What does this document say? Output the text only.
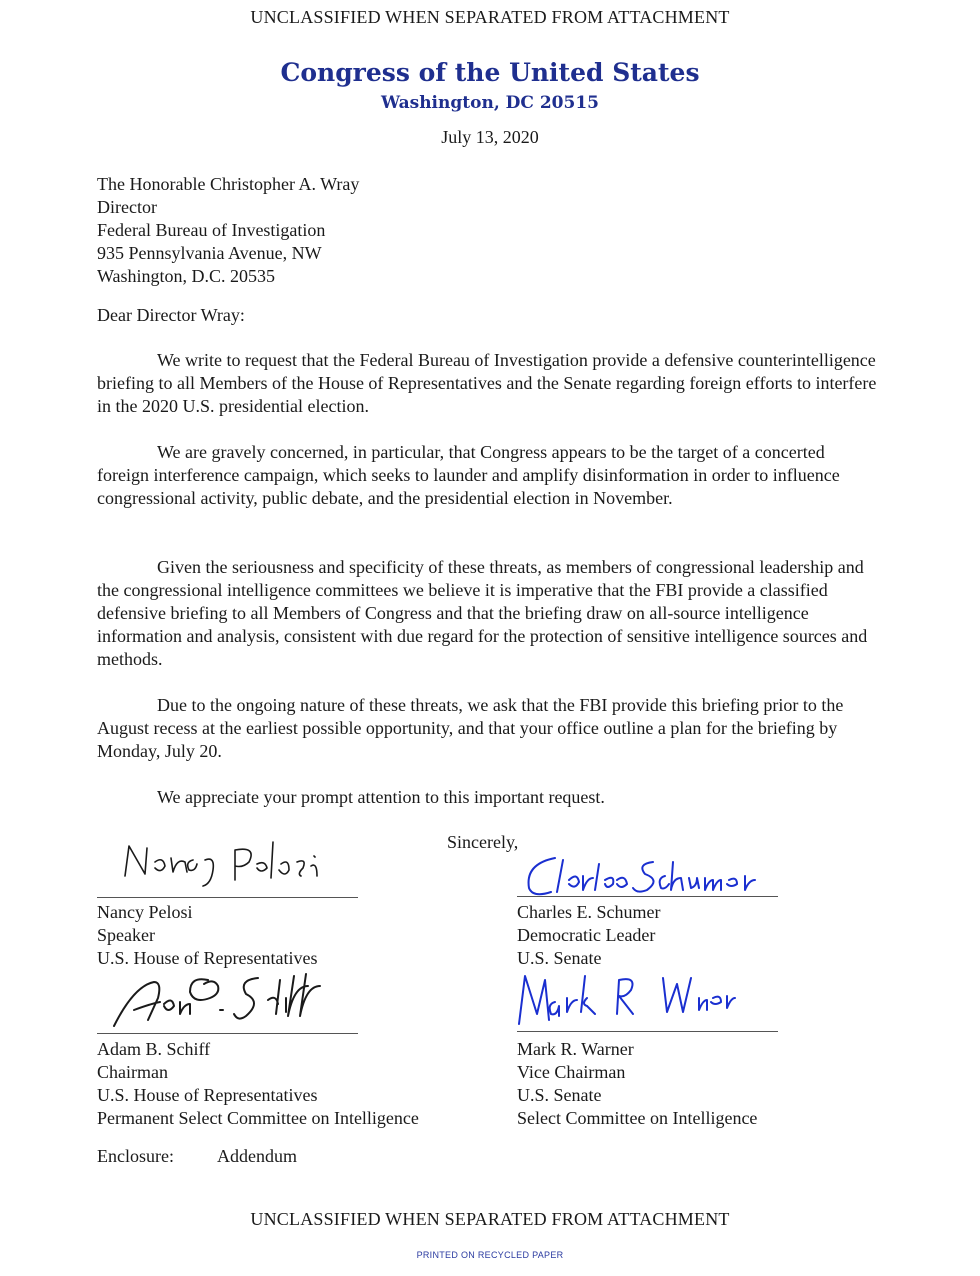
UNCLASSIFIED WHEN SEPARATED FROM ATTACHMENT
Congress of the United States
Washington, DC 20515
July 13, 2020
The Honorable Christopher A. Wray
Director
Federal Bureau of Investigation
935 Pennsylvania Avenue, NW
Washington, D.C. 20535
Dear Director Wray:
We write to request that the Federal Bureau of Investigation provide a defensive counterintelligence briefing to all Members of the House of Representatives and the Senate regarding foreign efforts to interfere in the 2020 U.S. presidential election.
We are gravely concerned, in particular, that Congress appears to be the target of a concerted foreign interference campaign, which seeks to launder and amplify disinformation in order to influence congressional activity, public debate, and the presidential election in November.
Given the seriousness and specificity of these threats, as members of congressional leadership and the congressional intelligence committees we believe it is imperative that the FBI provide a classified defensive briefing to all Members of Congress and that the briefing draw on all-source intelligence information and analysis, consistent with due regard for the protection of sensitive intelligence sources and methods.
Due to the ongoing nature of these threats, we ask that the FBI provide this briefing prior to the August recess at the earliest possible opportunity, and that your office outline a plan for the briefing by Monday, July 20.
We appreciate your prompt attention to this important request.
Sincerely,
Nancy Pelosi
Speaker
U.S. House of Representatives
Charles E. Schumer
Democratic Leader
U.S. Senate
Adam B. Schiff
Chairman
U.S. House of Representatives
Permanent Select Committee on Intelligence
Mark R. Warner
Vice Chairman
U.S. Senate
Select Committee on Intelligence
Enclosure: Addendum
UNCLASSIFIED WHEN SEPARATED FROM ATTACHMENT
PRINTED ON RECYCLED PAPER
